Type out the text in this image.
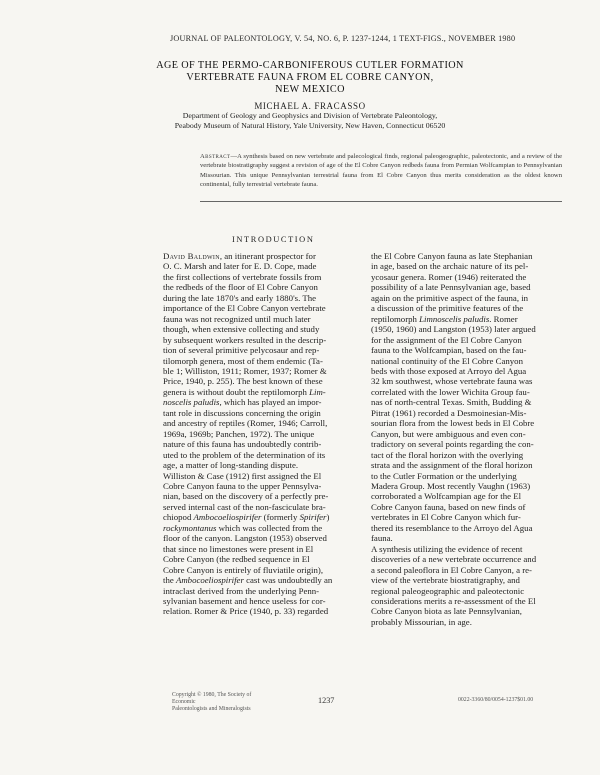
JOURNAL OF PALEONTOLOGY, V. 54, NO. 6, P. 1237-1244, 1 TEXT-FIGS., NOVEMBER 1980
AGE OF THE PERMO-CARBONIFEROUS CUTLER FORMATION
VERTEBRATE FAUNA FROM EL COBRE CANYON,
NEW MEXICO
MICHAEL A. FRACASSO
Department of Geology and Geophysics and Division of Vertebrate Paleontology,
Peabody Museum of Natural History, Yale University, New Haven, Connecticut 06520
Abstract—A synthesis based on new vertebrate and palecological finds, regional paleogeographic, paleotectonic, and a review of the vertebrate biostratigraphy suggest a revision of age of the El Cobre Canyon redbeds fauna from Permian Wolfcampian to Pennsylvanian Missourian. This unique Pennsylvanian terrestrial fauna from El Cobre Canyon thus merits consideration as the oldest known continental, fully terrestrial vertebrate fauna.
INTRODUCTION
David Baldwin, an itinerant prospector for
O. C. Marsh and later for E. D. Cope, made
the first collections of vertebrate fossils from
the redbeds of the floor of El Cobre Canyon
during the late 1870's and early 1880's. The
importance of the El Cobre Canyon vertebrate
fauna was not recognized until much later
though, when extensive collecting and study
by subsequent workers resulted in the descrip-
tion of several primitive pelycosaur and rep-
tilomorph genera, most of them endemic (Ta-
ble 1; Williston, 1911; Romer, 1937; Romer &
Price, 1940, p. 255). The best known of these
genera is without doubt the reptilomorph Lim-
noscelis paludis, which has played an impor-
tant role in discussions concerning the origin
and ancestry of reptiles (Romer, 1946; Carroll,
1969a, 1969b; Panchen, 1972). The unique
nature of this fauna has undoubtedly contrib-
uted to the problem of the determination of its
age, a matter of long-standing dispute.
Williston & Case (1912) first assigned the El
Cobre Canyon fauna to the upper Pennsylva-
nian, based on the discovery of a perfectly pre-
served internal cast of the non-fasciculate bra-
chiopod Ambocoeliospirifer (formerly Spirifer)
rockymontanus which was collected from the
floor of the canyon. Langston (1953) observed
that since no limestones were present in El
Cobre Canyon (the redbed sequence in El
Cobre Canyon is entirely of fluviatile origin),
the Ambocoeliospirifer cast was undoubtedly an
intraclast derived from the underlying Penn-
sylvanian basement and hence useless for cor-
relation. Romer & Price (1940, p. 33) regarded
the El Cobre Canyon fauna as late Stephanian
in age, based on the archaic nature of its pel-
ycosaur genera. Romer (1946) reiterated the
possibility of a late Pennsylvanian age, based
again on the primitive aspect of the fauna, in
a discussion of the primitive features of the
reptilomorph Limnoscelis paludis. Romer
(1950, 1960) and Langston (1953) later argued
for the assignment of the El Cobre Canyon
fauna to the Wolfcampian, based on the fau-
national continuity of the El Cobre Canyon
beds with those exposed at Arroyo del Agua
32 km southwest, whose vertebrate fauna was
correlated with the lower Wichita Group fau-
nas of north-central Texas. Smith, Budding &
Pitrat (1961) recorded a Desmoinesian-Mis-
sourian flora from the lowest beds in El Cobre
Canyon, but were ambiguous and even con-
tradictory on several points regarding the con-
tact of the floral horizon with the overlying
strata and the assignment of the floral horizon
to the Cutler Formation or the underlying
Madera Group. Most recently Vaughn (1963)
corroborated a Wolfcampian age for the El
Cobre Canyon fauna, based on new finds of
vertebrates in El Cobre Canyon which fur-
thered its resemblance to the Arroyo del Agua
fauna.
A synthesis utilizing the evidence of recent
discoveries of a new vertebrate occurrence and
a second paleoflora in El Cobre Canyon, a re-
view of the vertebrate biostratigraphy, and
regional paleogeographic and paleotectonic
considerations merits a re-assessment of the El
Cobre Canyon biota as late Pennsylvanian,
probably Missourian, in age.
Copyright © 1980, The Society of Economic
Paleontologists and Mineralogists
1237	0022-3360/80/0054-1237$01.00
